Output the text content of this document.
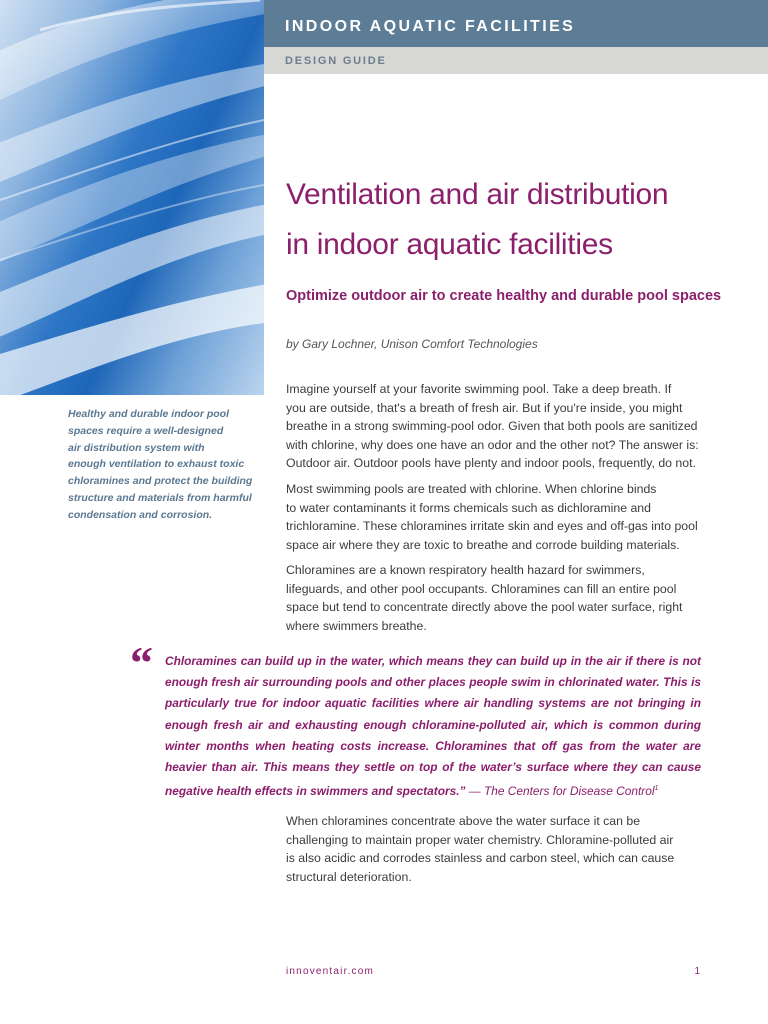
INDOOR AQUATIC FACILITIES
DESIGN GUIDE
Ventilation and air distribution
in indoor aquatic facilities
Optimize outdoor air to create healthy and durable pool spaces
by Gary Lochner, Unison Comfort Technologies
Healthy and durable indoor pool
spaces require a well-designed
air distribution system with
enough ventilation to exhaust toxic
chloramines and protect the building
structure and materials from harmful
condensation and corrosion.
Imagine yourself at your favorite swimming pool. Take a deep breath. If
you are outside, that's a breath of fresh air. But if you're inside, you might
breathe in a strong swimming-pool odor. Given that both pools are sanitized
with chlorine, why does one have an odor and the other not? The answer is:
Outdoor air. Outdoor pools have plenty and indoor pools, frequently, do not.
Most swimming pools are treated with chlorine. When chlorine binds
to water contaminants it forms chemicals such as dichloramine and
trichloramine. These chloramines irritate skin and eyes and off-gas into pool
space air where they are toxic to breathe and corrode building materials.
Chloramines are a known respiratory health hazard for swimmers,
lifeguards, and other pool occupants. Chloramines can fill an entire pool
space but tend to concentrate directly above the pool water surface, right
where swimmers breathe.
“ Chloramines can build up in the water, which means they can build up in the air if there is not enough fresh air surrounding pools and other places people swim in chlorinated water. This is particularly true for indoor aquatic facilities where air handling systems are not bringing in enough fresh air and exhausting enough chloramine-polluted air, which is common during winter months when heating costs increase. Chloramines that off gas from the water are heavier than air. This means they settle on top of the water’s surface where they can cause negative health effects in swimmers and spectators.” — The Centers for Disease Control$^1$
When chloramines concentrate above the water surface it can be
challenging to maintain proper water chemistry. Chloramine-polluted air
is also acidic and corrodes stainless and carbon steel, which can cause
structural deterioration.
innoventair.com	1
